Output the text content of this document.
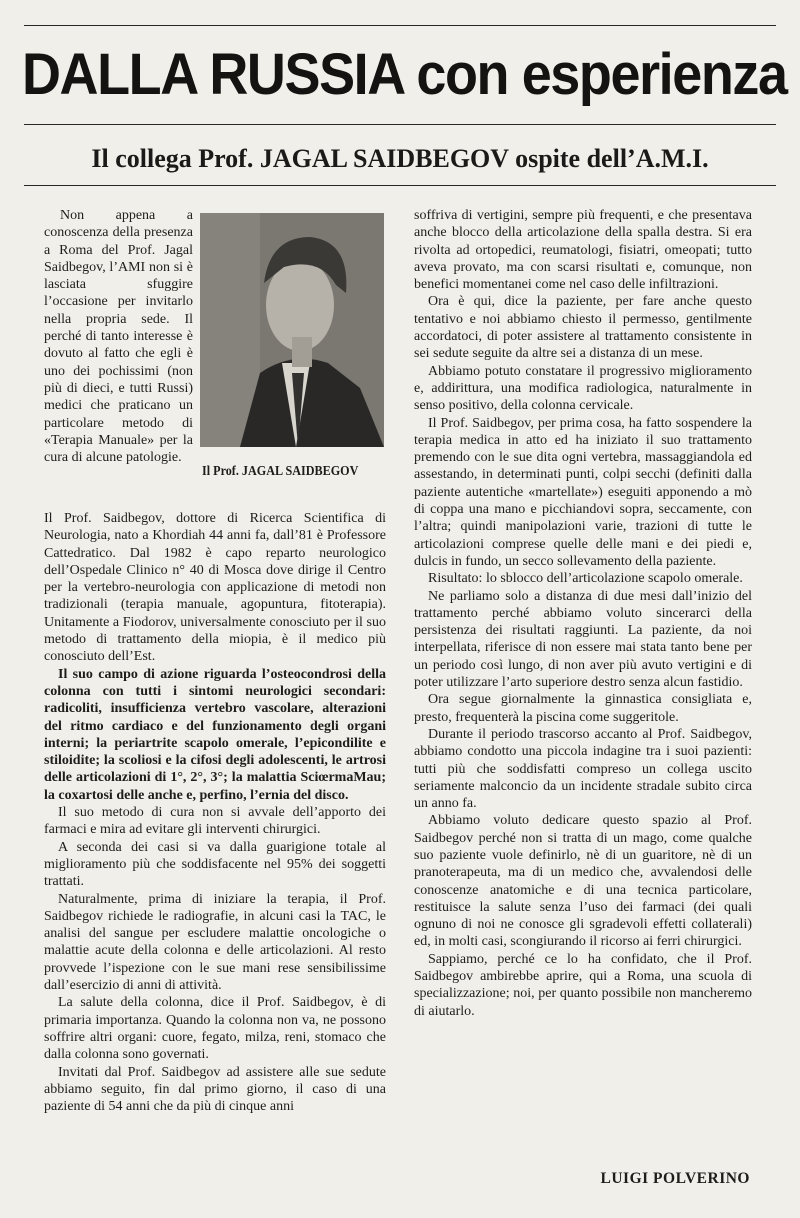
DALLA RUSSIA con esperienza
Il collega Prof. JAGAL SAIDBEGOV ospite dell’A.M.I.

Non appena a conoscenza della presenza a Roma del Prof. Jagal Saidbegov, l’AMI non si è lasciata sfuggire l’occasione per invitarlo nella propria sede. Il perché di tanto interesse è dovuto al fatto che egli è uno dei pochissimi (non più di dieci, e tutti Russi) medici che praticano un particolare metodo di «Terapia Manuale» per la cura di alcune patologie.

Il Prof. JAGAL SAIDBEGOV

Il Prof. Saidbegov, dottore di Ricerca Scientifica di Neurologia, nato a Khordiah 44 anni fa, dall’81 è Professore Cattedratico. Dal 1982 è capo reparto neurologico dell’Ospedale Clinico n° 40 di Mosca dove dirige il Centro per la vertebro-neurologia con applicazione di metodi non tradizionali (terapia manuale, agopuntura, fitoterapia). Unitamente a Fiodorov, universalmente conosciuto per il suo metodo di trattamento della miopia, è il medico più conosciuto dell’Est.

Il suo campo di azione riguarda l’osteocondrosi della colonna con tutti i sintomi neurologici secondari: radicoliti, insufficienza vertebro vascolare, alterazioni del ritmo cardiaco e del funzionamento degli organi interni; la periartrite scapolo omerale, l’epicondilite e stiloidite; la scoliosi e la cifosi degli adolescenti, le artrosi delle articolazioni di 1°, 2°, 3°; la malattia SciœrmaMau; la coxartosi delle anche e, perfino, l’ernia del disco.

Il suo metodo di cura non si avvale dell’apporto dei farmaci e mira ad evitare gli interventi chirurgici.

A seconda dei casi si va dalla guarigione totale al miglioramento più che soddisfacente nel 95% dei soggetti trattati.

Naturalmente, prima di iniziare la terapia, il Prof. Saidbegov richiede le radiografie, in alcuni casi la TAC, le analisi del sangue per escludere malattie oncologiche o malattie acute della colonna e delle articolazioni. Al resto provvede l’ispezione con le sue mani rese sensibilissime dall’esercizio di anni di attività.

La salute della colonna, dice il Prof. Saidbegov, è di primaria importanza. Quando la colonna non va, ne possono soffrire altri organi: cuore, fegato, milza, reni, stomaco che dalla colonna sono governati.

Invitati dal Prof. Saidbegov ad assistere alle sue sedute abbiamo seguito, fin dal primo giorno, il caso di una paziente di 54 anni che da più di cinque anni

soffriva di vertigini, sempre più frequenti, e che presentava anche blocco della articolazione della spalla destra. Si era rivolta ad ortopedici, reumatologi, fisiatri, omeopati; tutto aveva provato, ma con scarsi risultati e, comunque, non benefici momentanei come nel caso delle infiltrazioni.

Ora è qui, dice la paziente, per fare anche questo tentativo e noi abbiamo chiesto il permesso, gentilmente accordatoci, di poter assistere al trattamento consistente in sei sedute seguite da altre sei a distanza di un mese.

Abbiamo potuto constatare il progressivo miglioramento e, addirittura, una modifica radiologica, naturalmente in senso positivo, della colonna cervicale.

Il Prof. Saidbegov, per prima cosa, ha fatto sospendere la terapia medica in atto ed ha iniziato il suo trattamento premendo con le sue dita ogni vertebra, massaggiandola ed assestando, in determinati punti, colpi secchi (definiti dalla paziente autentiche «martellate») eseguiti apponendo a mò di coppa una mano e picchiandovi sopra, seccamente, con l’altra; quindi manipolazioni varie, trazioni di tutte le articolazioni comprese quelle delle mani e dei piedi e, dulcis in fundo, un secco sollevamento della paziente.

Risultato: lo sblocco dell’articolazione scapolo omerale.

Ne parliamo solo a distanza di due mesi dall’inizio del trattamento perché abbiamo voluto sincerarci della persistenza dei risultati raggiunti. La paziente, da noi interpellata, riferisce di non essere mai stata tanto bene per un periodo così lungo, di non aver più avuto vertigini e di poter utilizzare l’arto superiore destro senza alcun fastidio.

Ora segue giornalmente la ginnastica consigliata e, presto, frequenterà la piscina come suggeritole.

Durante il periodo trascorso accanto al Prof. Saidbegov, abbiamo condotto una piccola indagine tra i suoi pazienti: tutti più che soddisfatti compreso un collega uscito seriamente malconcio da un incidente stradale subito circa un anno fa.

Abbiamo voluto dedicare questo spazio al Prof. Saidbegov perché non si tratta di un mago, come qualche suo paziente vuole definirlo, nè di un guaritore, nè di un pranoterapeuta, ma di un medico che, avvalendosi delle conoscenze anatomiche e di una tecnica particolare, restituisce la salute senza l’uso dei farmaci (dei quali ognuno di noi ne conosce gli sgradevoli effetti collaterali) ed, in molti casi, scongiurando il ricorso ai ferri chirurgici.

Sappiamo, perché ce lo ha confidato, che il Prof. Saidbegov ambirebbe aprire, qui a Roma, una scuola di specializzazione; noi, per quanto possibile non mancheremo di aiutarlo.

LUIGI POLVERINO
